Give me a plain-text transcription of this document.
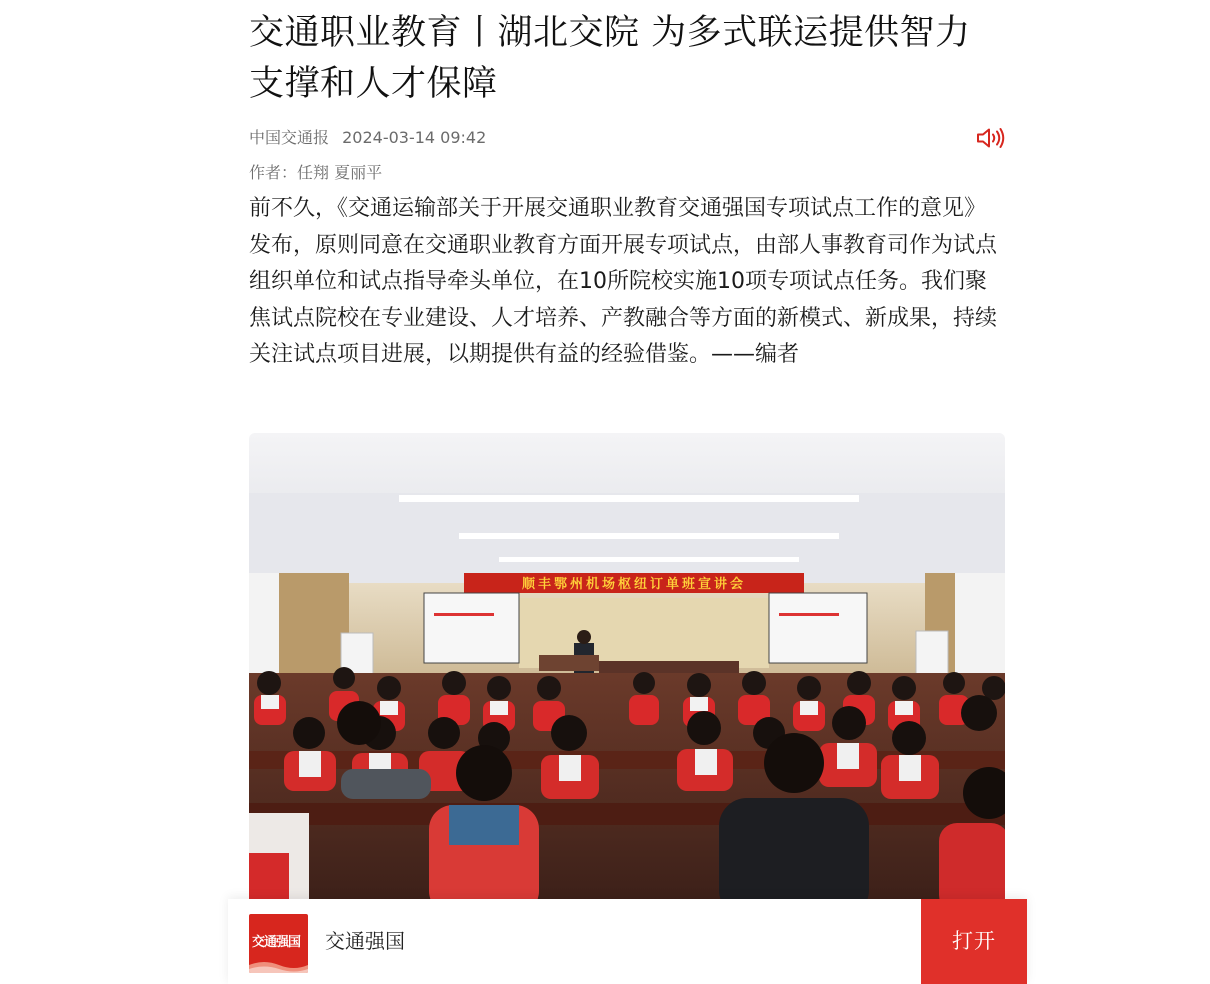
交通职业教育丨湖北交院 为多式联运提供智力支撑和人才保障
中国交通报 2024-03-14 09:42
作者：任翔 夏丽平

前不久，《交通运输部关于开展交通职业教育交通强国专项试点工作的意见》发布，原则同意在交通职业教育方面开展专项试点，由部人事教育司作为试点组织单位和试点指导牵头单位，在10所院校实施10项专项试点任务。我们聚焦试点院校在专业建设、人才培养、产教融合等方面的新模式、新成果，持续关注试点项目进展，以期提供有益的经验借鉴。——编者

顺丰鄂州机场枢纽订单班宣讲会
交通强国 交通强国	打开
